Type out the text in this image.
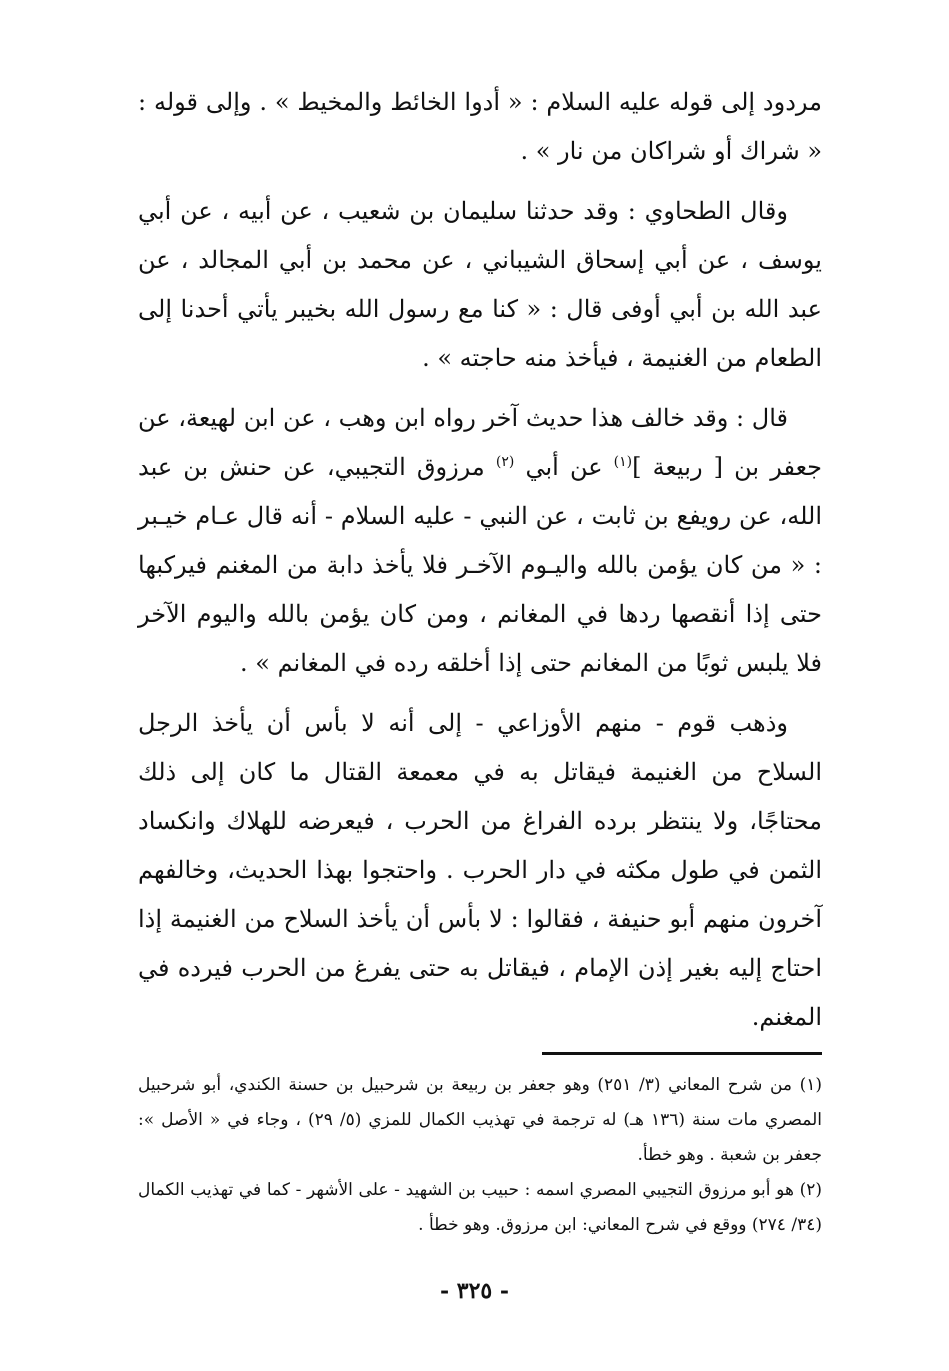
مردود إلى قوله عليه السلام : « أدوا الخائط والمخيط » . وإلى قوله : « شراك أو شراكان من نار » .

وقال الطحاوي : وقد حدثنا سليمان بن شعيب ، عن أبيه ، عن أبي يوسف ، عن أبي إسحاق الشيباني ، عن محمد بن أبي المجالد ، عن عبد الله بن أبي أوفى قال : « كنا مع رسول الله بخيبر يأتي أحدنا إلى الطعام من الغنيمة ، فيأخذ منه حاجته » .

قال : وقد خالف هذا حديث آخر رواه ابن وهب ، عن ابن لهيعة، عن جعفر بن [ ربيعة ]$^{(١)}$ عن أبي $^{(٢)}$ مرزوق التجيبي، عن حنش بن عبد الله، عن رويفع بن ثابت ، عن النبي - عليه السلام - أنه قال عـام خيـبر : « من كان يؤمن بالله واليـوم الآخـر فلا يأخذ دابة من المغنم فيركبها حتى إذا أنقصها ردها في المغانم ، ومن كان يؤمن بالله واليوم الآخر فلا يلبس ثوبًا من المغانم حتى إذا أخلقه رده في المغانم » .

وذهب قوم - منهم الأوزاعي - إلى أنه لا بأس أن يأخذ الرجل السلاح من الغنيمة فيقاتل به في معمعة القتال ما كان إلى ذلك محتاجًا، ولا ينتظر برده الفراغ من الحرب ، فيعرضه للهلاك وانكساد الثمن في طول مكثه في دار الحرب . واحتجوا بهذا الحديث، وخالفهم آخرون منهم أبو حنيفة ، فقالوا : لا بأس أن يأخذ السلاح من الغنيمة إذا احتاج إليه بغير إذن الإمام ، فيقاتل به حتى يفرغ من الحرب فيرده في المغنم.

(١) من شرح المعاني (٣/ ٢٥١) وهو جعفر بن ربيعة بن شرحبيل بن حسنة الكندي، أبو شرحبيل المصري مات سنة (١٣٦ هـ) له ترجمة في تهذيب الكمال للمزي (٥/ ٢٩) ، وجاء في « الأصل »: جعفر بن شعبة . وهو خطأ.

(٢) هو أبو مرزوق التجيبي المصري اسمه : حبيب بن الشهيد - على الأشهر - كما في تهذيب الكمال (٣٤/ ٢٧٤) ووقع في شرح المعاني: ابن مرزوق. وهو خطأ .

- ٣٢٥ -
